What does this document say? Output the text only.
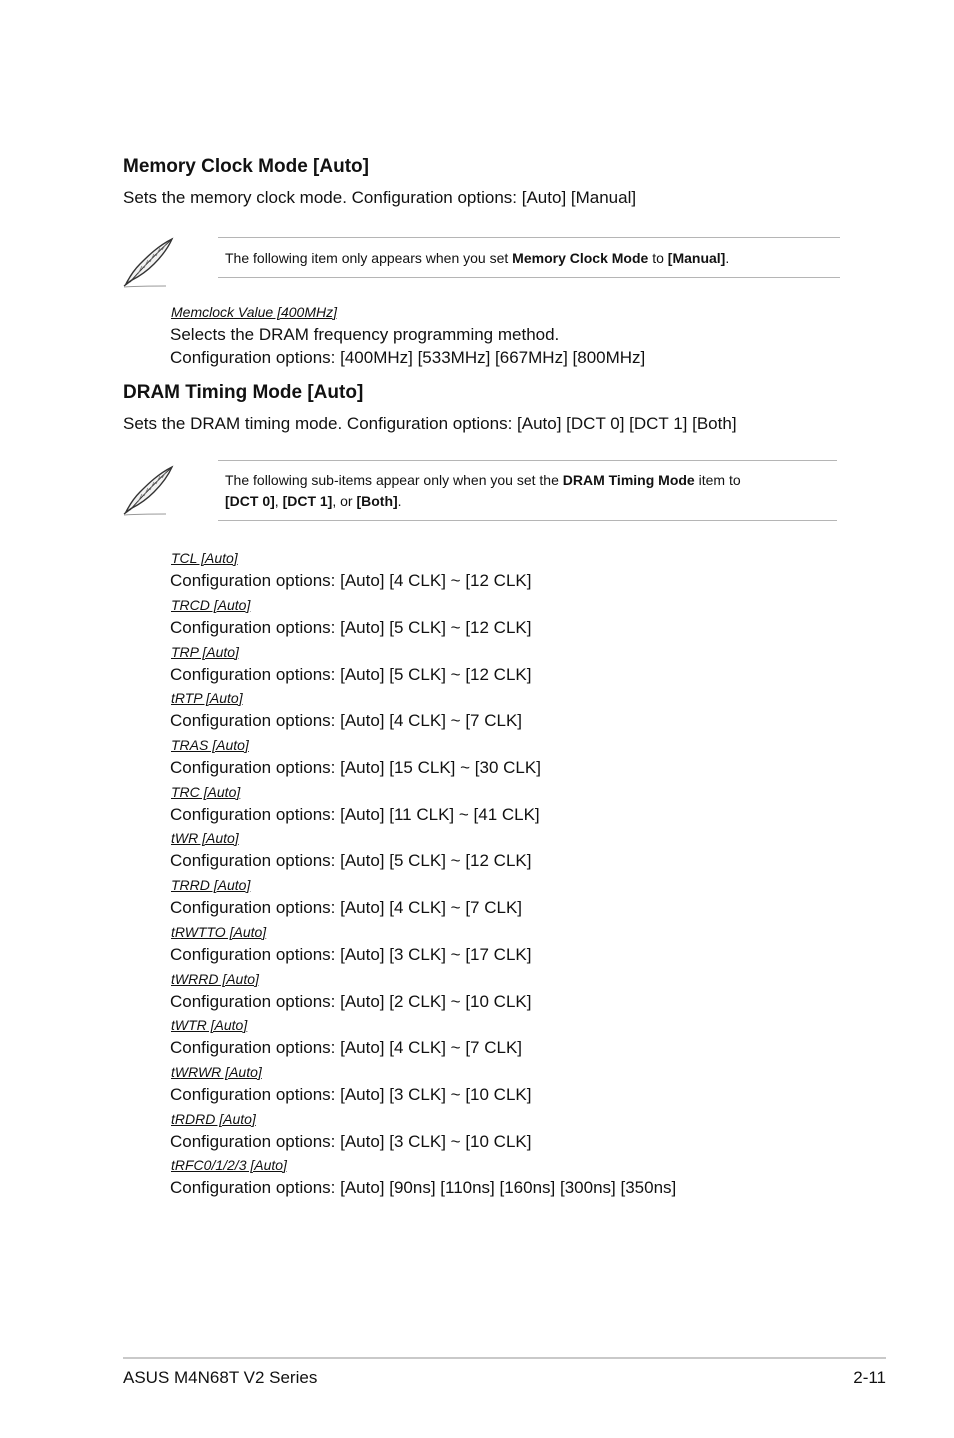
Memory Clock Mode [Auto]

Sets the memory clock mode. Configuration options: [Auto] [Manual]

The following item only appears when you set Memory Clock Mode to [Manual].
Memclock Value [400MHz]
Selects the DRAM frequency programming method.
Configuration options: [400MHz] [533MHz] [667MHz] [800MHz]
DRAM Timing Mode [Auto]

Sets the DRAM timing mode. Configuration options: [Auto] [DCT 0] [DCT 1] [Both]

The following sub-items appear only when you set the DRAM Timing Mode item to
[DCT 0], [DCT 1], or [Both].
TCL [Auto]
Configuration options: [Auto] [4 CLK] ~ [12 CLK]
TRCD [Auto]
Configuration options: [Auto] [5 CLK] ~ [12 CLK]
TRP [Auto]
Configuration options: [Auto] [5 CLK] ~ [12 CLK]
tRTP [Auto]
Configuration options: [Auto] [4 CLK] ~ [7 CLK]
TRAS [Auto]
Configuration options: [Auto] [15 CLK] ~ [30 CLK]
TRC [Auto]
Configuration options: [Auto] [11 CLK] ~ [41 CLK]
tWR [Auto]
Configuration options: [Auto] [5 CLK] ~ [12 CLK]
TRRD [Auto]
Configuration options: [Auto] [4 CLK] ~ [7 CLK]
tRWTTO [Auto]
Configuration options: [Auto] [3 CLK] ~ [17 CLK]
tWRRD [Auto]
Configuration options: [Auto] [2 CLK] ~ [10 CLK]
tWTR [Auto]
Configuration options: [Auto] [4 CLK] ~ [7 CLK]
tWRWR [Auto]
Configuration options: [Auto] [3 CLK] ~ [10 CLK]
tRDRD [Auto]
Configuration options: [Auto] [3 CLK] ~ [10 CLK]
tRFC0/1/2/3 [Auto]
Configuration options: [Auto] [90ns] [110ns] [160ns] [300ns] [350ns]
ASUS M4N68T V2 Series	2-11
